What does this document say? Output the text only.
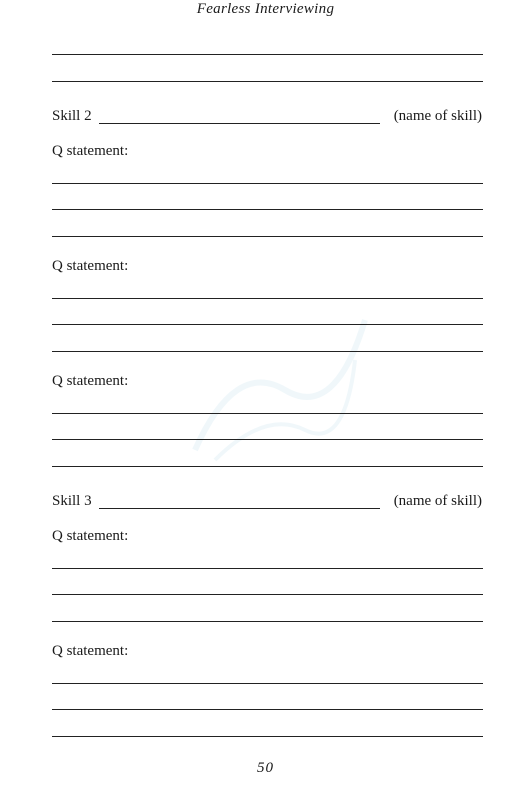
Fearless Interviewing
Skill 2	(name of skill)
Q statement:
Q statement:
Q statement:
Skill 3	(name of skill)
Q statement:
Q statement:
50
